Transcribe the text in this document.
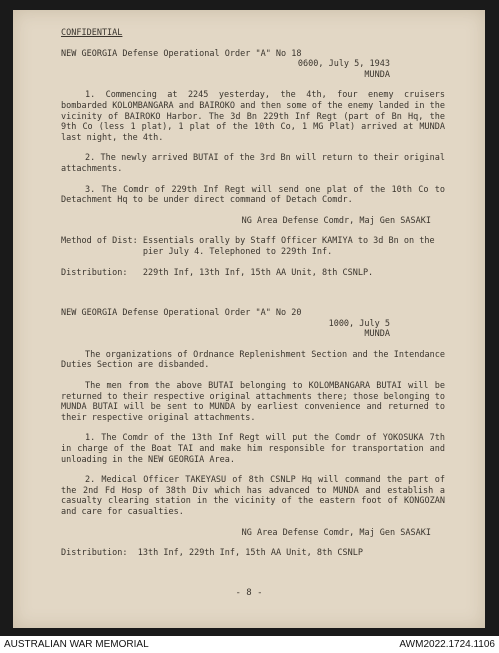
CONFIDENTIAL

NEW GEORGIA Defense Operational Order "A" No 18

0600, July 5, 1943

MUNDA

1. Commencing at 2245 yesterday, the 4th, four enemy cruisers bombarded KOLOMBANGARA and BAIROKO and then some of the enemy landed in the vicinity of BAIROKO Harbor. The 3d Bn 229th Inf Regt (part of Bn Hq, the 9th Co (less 1 plat), 1 plat of the 10th Co, 1 MG Plat) arrived at MUNDA last night, the 4th.

2. The newly arrived BUTAI of the 3rd Bn will return to their original attachments.

3. The Comdr of 229th Inf Regt will send one plat of the 10th Co to Detachment Hq to be under direct command of Detach Comdr.

NG Area Defense Comdr, Maj Gen SASAKI

Method of Dist:
Essentials orally by Staff Officer KAMIYA to 3d Bn on the pier July 4. Telephoned to 229th Inf.
Distribution:
229th Inf, 13th Inf, 15th AA Unit, 8th CSNLP.

NEW GEORGIA Defense Operational Order "A" No 20

1000, July 5

MUNDA

The organizations of Ordnance Replenishment Section and the Intendance Duties Section are disbanded.

The men from the above BUTAI belonging to KOLOMBANGARA BUTAI will be returned to their respective original attachments there; those belonging to MUNDA BUTAI will be sent to MUNDA by earliest convenience and returned to their respective original attachments.

1. The Comdr of the 13th Inf Regt will put the Comdr of YOKOSUKA 7th in charge of the Boat TAI and make him responsible for transportation and unloading in the NEW GEORGIA Area.

2. Medical Officer TAKEYASU of 8th CSNLP Hq will command the part of the 2nd Fd Hosp of 38th Div which has advanced to MUNDA and establish a casualty clearing station in the vicinity of the eastern foot of KONGOZAN and care for casualties.

NG Area Defense Comdr, Maj Gen SASAKI

Distribution:
13th Inf, 229th Inf, 15th AA Unit, 8th CSNLP
- 8 -
AUSTRALIAN WAR MEMORIAL	AWM2022.1724.1106
